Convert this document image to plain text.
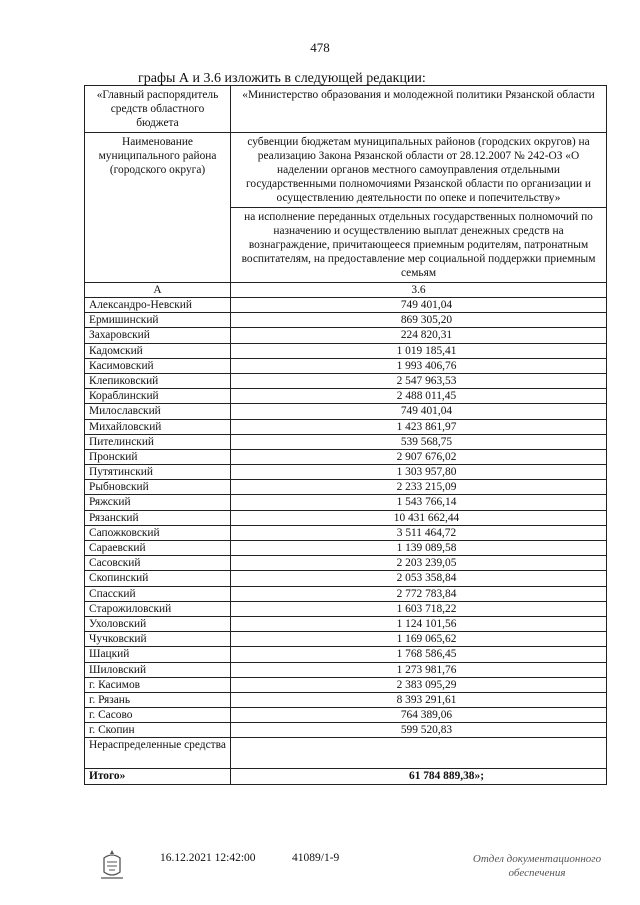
478
графы А и 3.6 изложить в следующей редакции:
«Главный распорядитель средств областного бюджета	«Министерство образования и молодежной политики Рязанской области
Наименование муниципального района (городского округа)	субвенции бюджетам муниципальных районов (городских округов) на реализацию Закона Рязанской области от 28.12.2007 № 242-ОЗ «О наделении органов местного самоуправления отдельными государственными полномочиями Рязанской области по организации и осуществлению деятельности по опеке и попечительству»
	на исполнение переданных отдельных государственных полномочий по назначению и осуществлению выплат денежных средств на вознаграждение, причитающееся приемным родителям, патронатным воспитателям, на предоставление мер социальной поддержки приемным семьям
А	3.6
Александро-Невский	749 401,04
Ермишинский	869 305,20
Захаровский	224 820,31
Кадомский	1 019 185,41
Касимовский	1 993 406,76
Клепиковский	2 547 963,53
Кораблинский	2 488 011,45
Милославский	749 401,04
Михайловский	1 423 861,97
Пителинский	539 568,75
Пронский	2 907 676,02
Путятинский	1 303 957,80
Рыбновский	2 233 215,09
Ряжский	1 543 766,14
Рязанский	10 431 662,44
Сапожковский	3 511 464,72
Сараевский	1 139 089,58
Сасовский	2 203 239,05
Скопинский	2 053 358,84
Спасский	2 772 783,84
Старожиловский	1 603 718,22
Ухоловский	1 124 101,56
Чучковский	1 169 065,62
Шацкий	1 768 586,45
Шиловский	1 273 981,76
г. Касимов	2 383 095,29
г. Рязань	8 393 291,61
г. Сасово	764 389,06
г. Скопин	599 520,83
Нераспределенные средства	
Итого»	61 784 889,38»;
16.12.2021 12:42:00	41089/1-9	Отдел документационного
обеспечения
